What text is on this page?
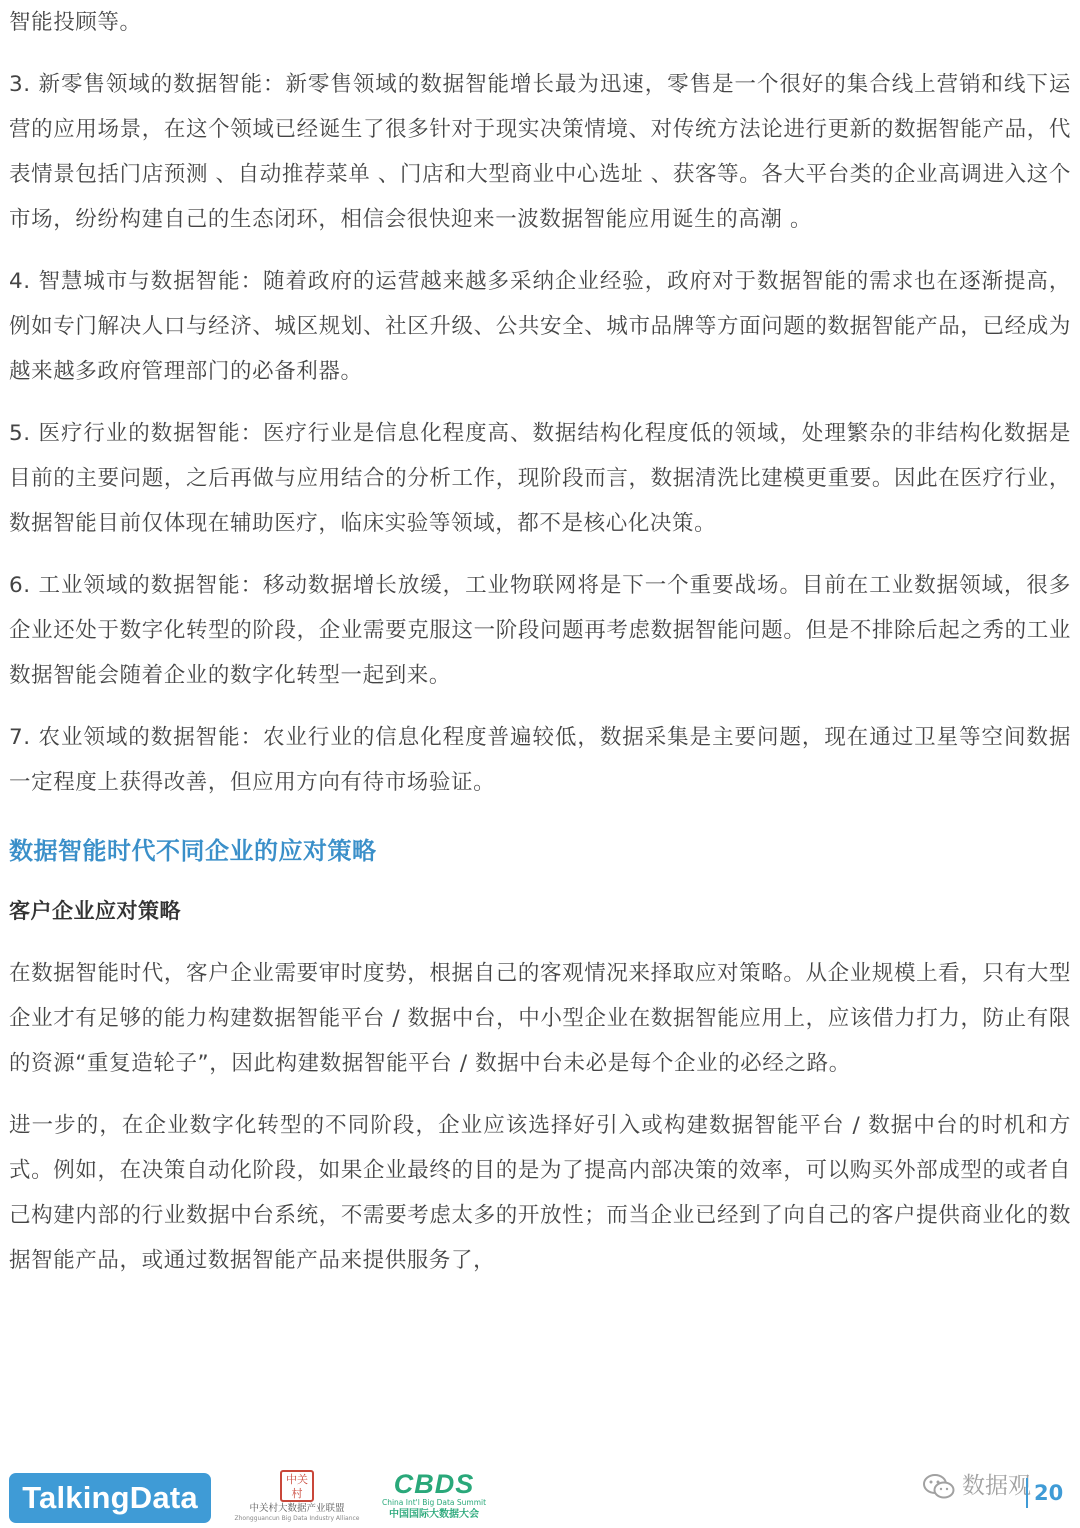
智能投顾等。

3. 新零售领域的数据智能：新零售领域的数据智能增长最为迅速，零售是一个很好的集合线上营销和线下运营的应用场景，在这个领域已经诞生了很多针对于现实决策情境、对传统方法论进行更新的数据智能产品，代表情景包括门店预测 、自动推荐菜单 、门店和大型商业中心选址 、获客等。各大平台类的企业高调进入这个市场，纷纷构建自己的生态闭环，相信会很快迎来一波数据智能应用诞生的高潮 。

4. 智慧城市与数据智能：随着政府的运营越来越多采纳企业经验，政府对于数据智能的需求也在逐渐提高，例如专门解决人口与经济、城区规划、社区升级、公共安全、城市品牌等方面问题的数据智能产品，已经成为越来越多政府管理部门的必备利器。

5. 医疗行业的数据智能：医疗行业是信息化程度高、数据结构化程度低的领域，处理繁杂的非结构化数据是目前的主要问题，之后再做与应用结合的分析工作，现阶段而言，数据清洗比建模更重要。因此在医疗行业，数据智能目前仅体现在辅助医疗，临床实验等领域，都不是核心化决策。

6. 工业领域的数据智能：移动数据增长放缓，工业物联网将是下一个重要战场。目前在工业数据领域，很多企业还处于数字化转型的阶段，企业需要克服这一阶段问题再考虑数据智能问题。但是不排除后起之秀的工业数据智能会随着企业的数字化转型一起到来。

7. 农业领域的数据智能：农业行业的信息化程度普遍较低，数据采集是主要问题，现在通过卫星等空间数据一定程度上获得改善，但应用方向有待市场验证。

数据智能时代不同企业的应对策略
客户企业应对策略

在数据智能时代，客户企业需要审时度势，根据自己的客观情况来择取应对策略。从企业规模上看，只有大型企业才有足够的能力构建数据智能平台 / 数据中台，中小型企业在数据智能应用上，应该借力打力，防止有限的资源“重复造轮子”，因此构建数据智能平台 / 数据中台未必是每个企业的必经之路。

进一步的，在企业数字化转型的不同阶段，企业应该选择好引入或构建数据智能平台 / 数据中台的时机和方式。例如，在决策自动化阶段，如果企业最终的目的是为了提高内部决策的效率，可以购买外部成型的或者自己构建内部的行业数据中台系统，不需要考虑太多的开放性；而当企业已经到了向自己的客户提供商业化的数据智能产品，或通过数据智能产品来提供服务了，

TalkingData
中关村
中关村大数据产业联盟
Zhongguancun Big Data Industry Alliance
CBDS
China Int'l Big Data Summit
中国国际大数据大会
数据观 20
